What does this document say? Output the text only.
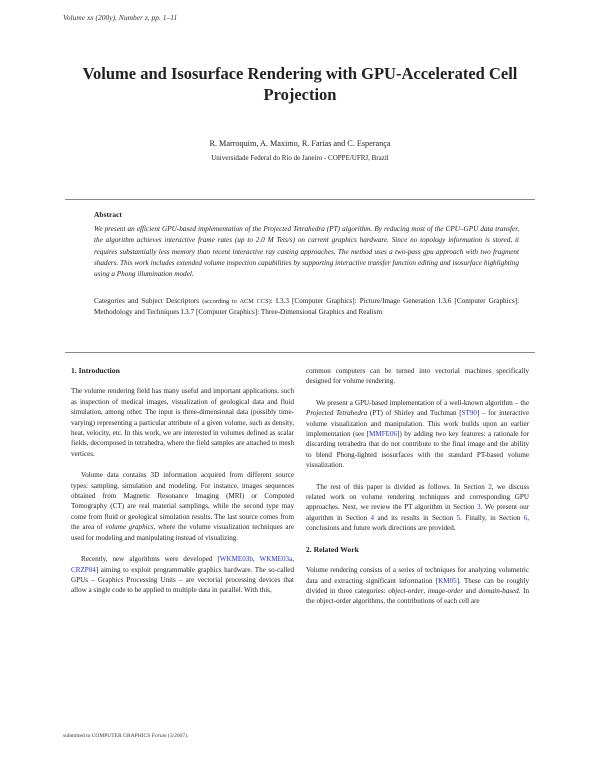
Volume xx (200y), Number z, pp. 1–11
Volume and Isosurface Rendering with GPU-Accelerated Cell Projection
R. Marroquim, A. Maximo, R. Farias and C. Esperança
Universidade Federal do Rio de Janeiro - COPPE/UFRJ, Brazil
Abstract
We present an efficient GPU-based implementation of the Projected Tetrahedra (PT) algorithm. By reducing most of the CPU–GPU data transfer, the algorithm achieves interactive frame rates (up to 2.0 M Tets/s) on current graphics hardware. Since no topology information is stored, it requires substantially less memory than recent interactive ray casting approaches. The method uses a two-pass gpu approach with two fragment shaders. This work includes extended volume inspection capabilities by supporting interactive transfer function editing and isosurface highlighting using a Phong illumination model.
Categories and Subject Descriptors (according to ACM CCS): I.3.3 [Computer Graphics]: Picture/Image Generation I.3.6 [Computer Graphics]: Methodology and Techniques I.3.7 [Computer Graphics]: Three-Dimensional Graphics and Realism
1. Introduction

The volume rendering field has many useful and important applications, such as inspection of medical images, visualization of geological data and fluid simulation, among other. The input is three-dimensional data (possibly time-varying) representing a particular attribute of a given volume, such as density, heat, velocity, etc. In this work, we are interested in volumes defined as scalar fields, decomposed in tetrahedra, where the field samples are attached to mesh vertices.

Volume data contains 3D information acquired from different source types: sampling, simulation and modeling. For instance, images sequences obtained from Magnetic Resonance Imaging (MRI) or Computed Tomography (CT) are real material samplings, while the second type may come from fluid or geological simulation results. The last source comes from the area of volume graphics, where the volume visualization techniques are used for modeling and manipulating instead of visualizing.

Recently, new algorithms were developed [WKME03b, WKME03a, CRZP04] aiming to exploit programmable graphics hardware. The so-called GPUs – Graphics Processing Units – are vectorial processing devices that allow a single code to be applied to multiple data in parallel. With this,

common computers can be turned into vectorial machines specifically designed for volume rendering.

We present a GPU-based implementation of a well-known algorithm – the Projected Tetrahedra (PT) of Shirley and Tuchman [ST90] – for interactive volume visualization and manipulation. This work builds upon an earlier implementation (see [MMFE06]) by adding two key features: a rationale for discarding tetrahedra that do not contribute to the final image and the ability to blend Phong-lighted isosurfaces with the standard PT-based volume visualization.

The rest of this paper is divided as follows. In Section 2, we discuss related work on volume rendering techniques and corresponding GPU approaches. Next, we review the PT algorithm in Section 3. We present our algorithm in Section 4 and its results in Section 5. Finally, in Section 6, conclusions and future work directions are provided.

2. Related Work

Volume rendering consists of a series of techniques for analyzing volumetric data and extracting significant information [KM05]. These can be roughly divided in three categories: object-order, image-order and domain-based. In the object-order algorithms, the contributions of each cell are

submitted to COMPUTER GRAPHICS Forum (3/2007).
